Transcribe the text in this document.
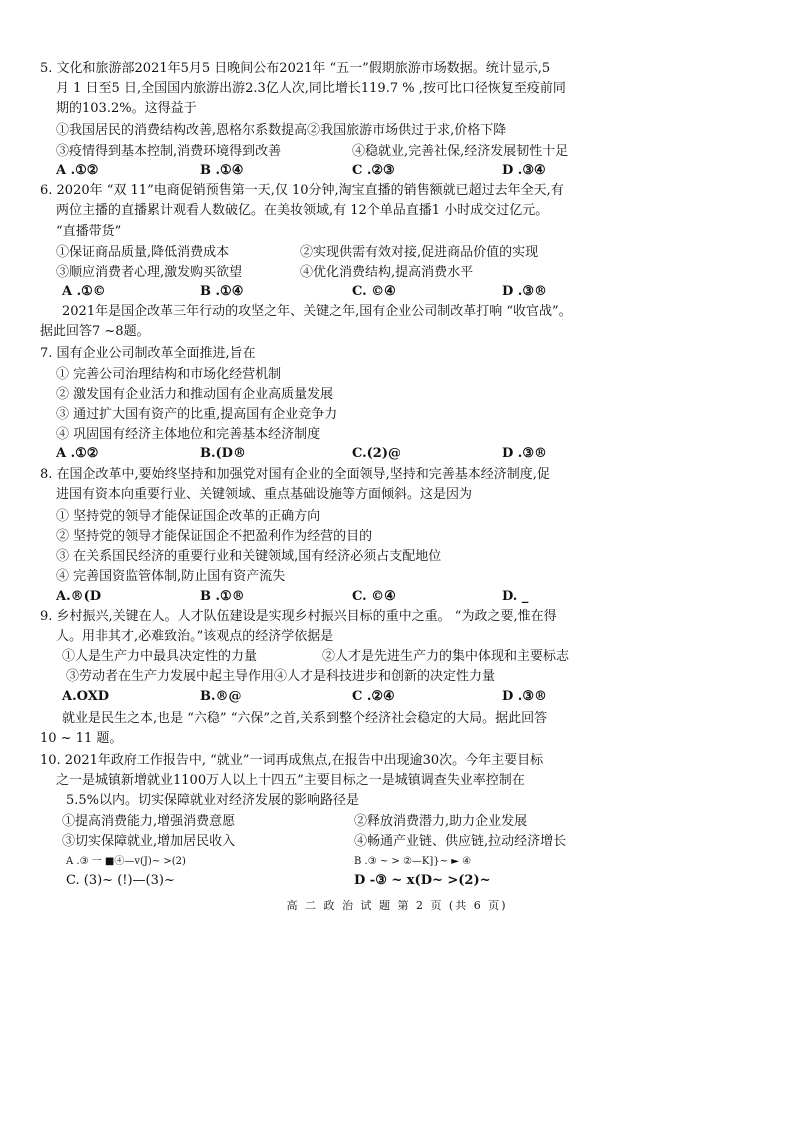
5. 文化和旅游部2021年5月5 日晚间公布2021年 “五一”假期旅游市场数据。统计显示,5
月 1 日至5 日,全国国内旅游出游2.3亿人次,同比增长119.7 % ,按可比口径恢复至疫前同
期的103.2%。这得益于
①我国居民的消费结构改善,恩格尔系数提高②我国旅游市场供过于求,价格下降
③疫情得到基本控制,消费环境得到改善	④稳就业,完善社保,经济发展韧性十足
A .①②	B .①④	C .②③	D .③④
6. 2020年 “双 11”电商促销预售第一天,仅 10分钟,淘宝直播的销售额就已超过去年全天,有
两位主播的直播累计观看人数破亿。在美妆领域,有 12个单品直播1 小时成交过亿元。
“直播带货”
①保证商品质量,降低消费成本	②实现供需有效对接,促进商品价值的实现
③顺应消费者心理,激发购买欲望	④优化消费结构,提高消费水平
A .①©	B .①④	C. ©④	D .③®
2021年是国企改革三年行动的攻坚之年、关键之年,国有企业公司制改革打响 “收官战”。
据此回答7 ~8题。
7. 国有企业公司制改革全面推进,旨在
① 完善公司治理结构和市场化经营机制
② 激发国有企业活力和推动国有企业高质量发展
③ 通过扩大国有资产的比重,提高国有企业竞争力
④ 巩固国有经济主体地位和完善基本经济制度
A .①②	B.(D®	C.(2)@	D .③®
8. 在国企改革中,要始终坚持和加强党对国有企业的全面领导,坚持和完善基本经济制度,促
进国有资本向重要行业、关键领域、重点基础设施等方面倾斜。这是因为
① 坚持党的领导才能保证国企改革的正确方向
② 坚持党的领导才能保证国企不把盈利作为经营的目的
③ 在关系国民经济的重要行业和关键领域,国有经济必须占支配地位
④ 完善国资监管体制,防止国有资产流失
A.®(D	B .①®	C. ©④	D. _
9. 乡村振兴,关键在人。人才队伍建设是实现乡村振兴目标的重中之重。 “为政之要,惟在得
人。用非其才,必难致治。”该观点的经济学依据是
①人是生产力中最具决定性的力量	②人才是先进生产力的集中体现和主要标志
③劳动者在生产力发展中起主导作用④人才是科技进步和创新的决定性力量
A.OXD	B.®@	C .②④	D .③®
就业是民生之本,也是 “六稳” “六保”之首,关系到整个经济社会稳定的大局。据此回答
10 ~ 11 题。
10. 2021年政府工作报告中, “就业”一词再成焦点,在报告中出现逾30次。今年主要目标
之一是城镇新增就业1100万人以上十四五”主要目标之一是城镇调查失业率控制在
5.5%以内。切实保障就业对经济发展的影响路径是
①提高消费能力,增强消费意愿	②释放消费潜力,助力企业发展
③切实保障就业,增加居民收入	④畅通产业链、供应链,拉动经济增长
A .③ 一 ■④—v(J)~ >(2)	B .③ ~ > ②—K]}~ ► ④
C. (3)~ (!)—(3)~	D -③ ~ x(D~ >(2)~
高 二 政 治 试 题 第 2 页 (共 6 页)
